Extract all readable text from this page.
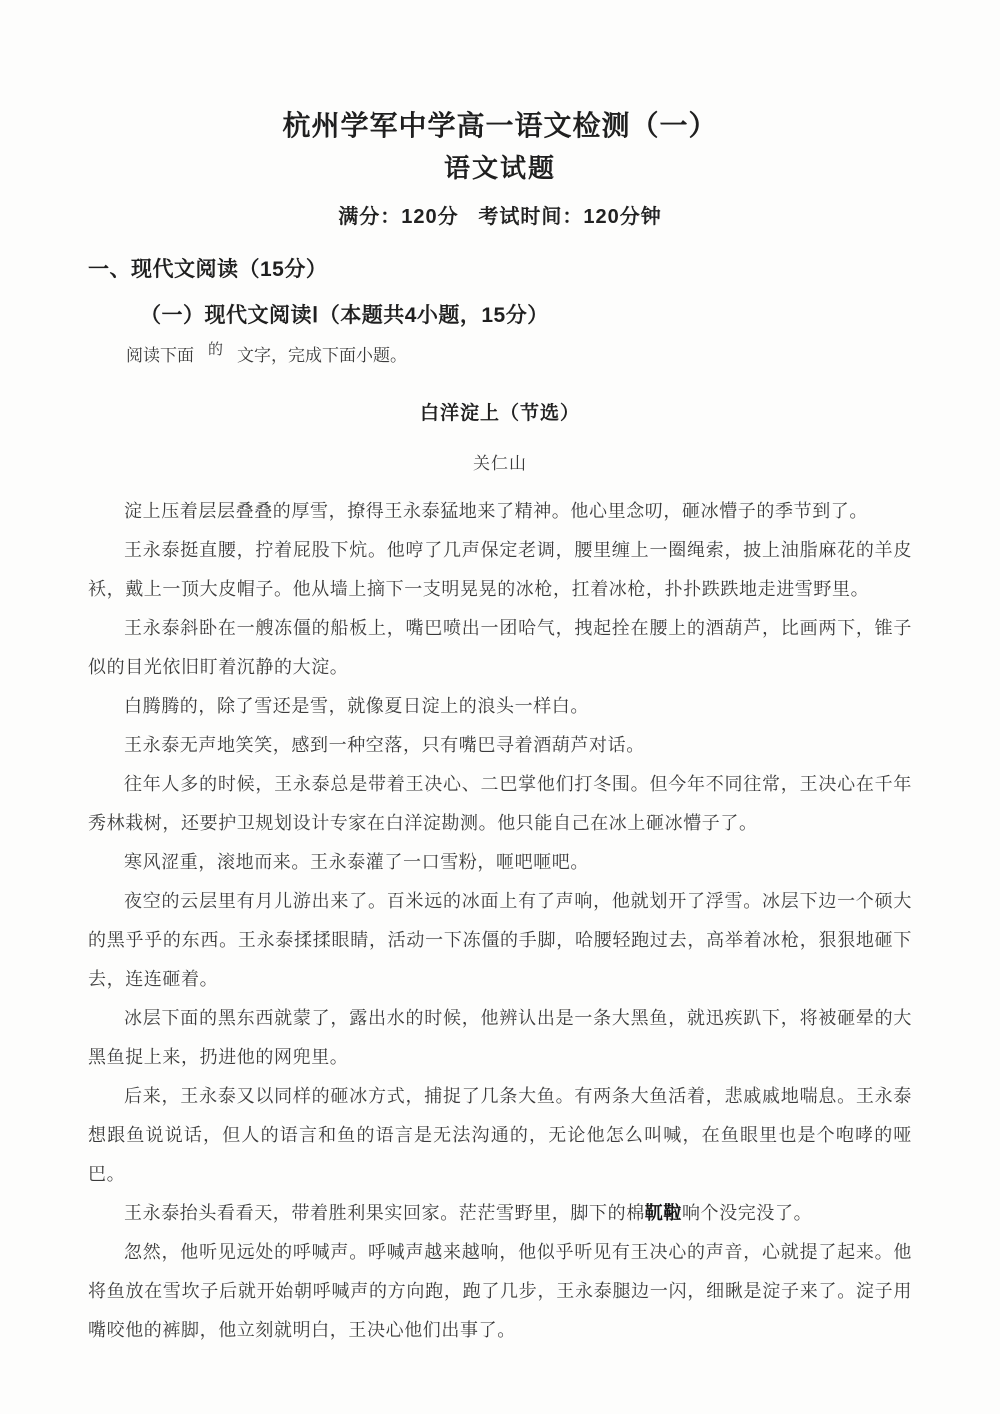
杭州学军中学高一语文检测（一）
语文试题
满分：120分   考试时间：120分钟
一、现代文阅读（15分）
（一）现代文阅读Ⅰ（本题共4小题，15分）
阅读下面 的 文字，完成下面小题。
白洋淀上（节选）
关仁山

淀上压着层层叠叠的厚雪，撩得王永泰猛地来了精神。他心里念叨，砸冰懵子的季节到了。

王永泰挺直腰，拧着屁股下炕。他哼了几声保定老调，腰里缠上一圈绳索，披上油脂麻花的羊皮袄，戴上一顶大皮帽子。他从墙上摘下一支明晃晃的冰枪，扛着冰枪，扑扑跌跌地走进雪野里。

王永泰斜卧在一艘冻僵的船板上，嘴巴喷出一团哈气，拽起拴在腰上的酒葫芦，比画两下，锥子似的目光依旧盯着沉静的大淀。

白腾腾的，除了雪还是雪，就像夏日淀上的浪头一样白。

王永泰无声地笑笑，感到一种空落，只有嘴巴寻着酒葫芦对话。

往年人多的时候，王永泰总是带着王决心、二巴掌他们打冬围。但今年不同往常，王决心在千年秀林栽树，还要护卫规划设计专家在白洋淀勘测。他只能自己在冰上砸冰懵子了。

寒风涩重，滚地而来。王永泰灌了一口雪粉，咂吧咂吧。

夜空的云层里有月儿游出来了。百米远的冰面上有了声响，他就划开了浮雪。冰层下边一个硕大的黑乎乎的东西。王永泰揉揉眼睛，活动一下冻僵的手脚，哈腰轻跑过去，高举着冰枪，狠狠地砸下去，连连砸着。

冰层下面的黑东西就蒙了，露出水的时候，他辨认出是一条大黑鱼，就迅疾趴下，将被砸晕的大黑鱼捉上来，扔进他的网兜里。

后来，王永泰又以同样的砸冰方式，捕捉了几条大鱼。有两条大鱼活着，悲戚戚地喘息。王永泰想跟鱼说说话，但人的语言和鱼的语言是无法沟通的，无论他怎么叫喊，在鱼眼里也是个咆哮的哑巴。

王永泰抬头看看天，带着胜利果实回家。茫茫雪野里，脚下的棉靰鞡响个没完没了。

忽然，他听见远处的呼喊声。呼喊声越来越响，他似乎听见有王决心的声音，心就提了起来。他将鱼放在雪坎子后就开始朝呼喊声的方向跑，跑了几步，王永泰腿边一闪，细瞅是淀子来了。淀子用嘴咬他的裤脚，他立刻就明白，王决心他们出事了。
